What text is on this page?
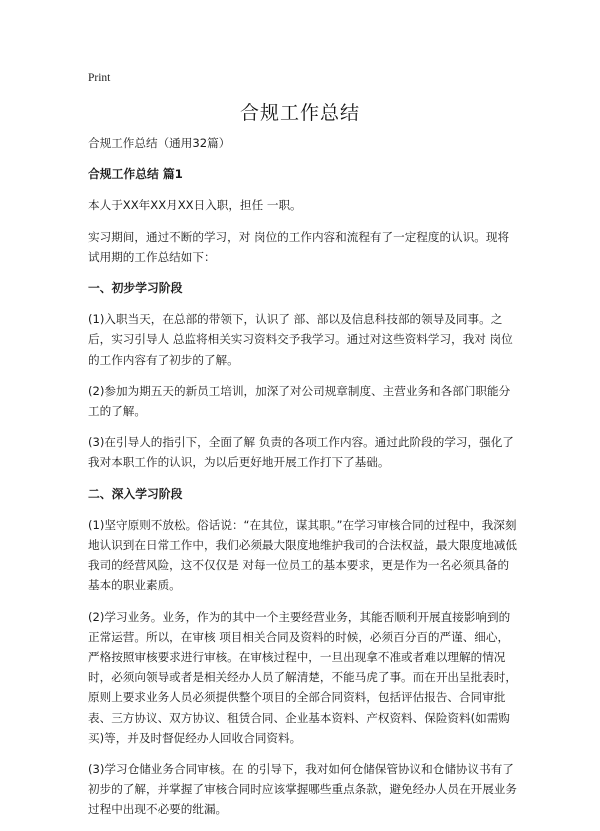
Print
合规工作总结

合规工作总结（通用32篇）

合规工作总结 篇1

本人于XX年XX月XX日入职，担任 一职。

实习期间，通过不断的学习，对 岗位的工作内容和流程有了一定程度的认识。现将试用期的工作总结如下：

一、初步学习阶段

(1)入职当天，在总部的带领下，认识了 部、部以及信息科技部的领导及同事。之后，实习引导人 总监将相关实习资料交予我学习。通过对这些资料学习，我对 岗位的工作内容有了初步的了解。

(2)参加为期五天的新员工培训，加深了对公司规章制度、主营业务和各部门职能分工的了解。

(3)在引导人的指引下，全面了解 负责的各项工作内容。通过此阶段的学习，强化了我对本职工作的认识，为以后更好地开展工作打下了基础。

二、深入学习阶段

(1)坚守原则不放松。俗话说：“在其位，谋其职。”在学习审核合同的过程中，我深刻地认识到在日常工作中，我们必须最大限度地维护我司的合法权益，最大限度地减低我司的经营风险，这不仅仅是 对每一位员工的基本要求，更是作为一名必须具备的基本的职业素质。

(2)学习业务。业务，作为的其中一个主要经营业务，其能否顺利开展直接影响到的正常运营。所以，在审核 项目相关合同及资料的时候，必须百分百的严谨、细心，严格按照审核要求进行审核。在审核过程中，一旦出现拿不准或者难以理解的情况时，必须向领导或者是相关经办人员了解清楚，不能马虎了事。而在开出呈批表时，原则上要求业务人员必须提供整个项目的全部合同资料，包括评估报告、合同审批表、三方协议、双方协议、租赁合同、企业基本资料、产权资料、保险资料(如需购买)等，并及时督促经办人回收合同资料。

(3)学习仓储业务合同审核。在 的引导下，我对如何仓储保管协议和仓储协议书有了初步的了解，并掌握了审核合同时应该掌握哪些重点条款，避免经办人员在开展业务过程中出现不必要的纰漏。
